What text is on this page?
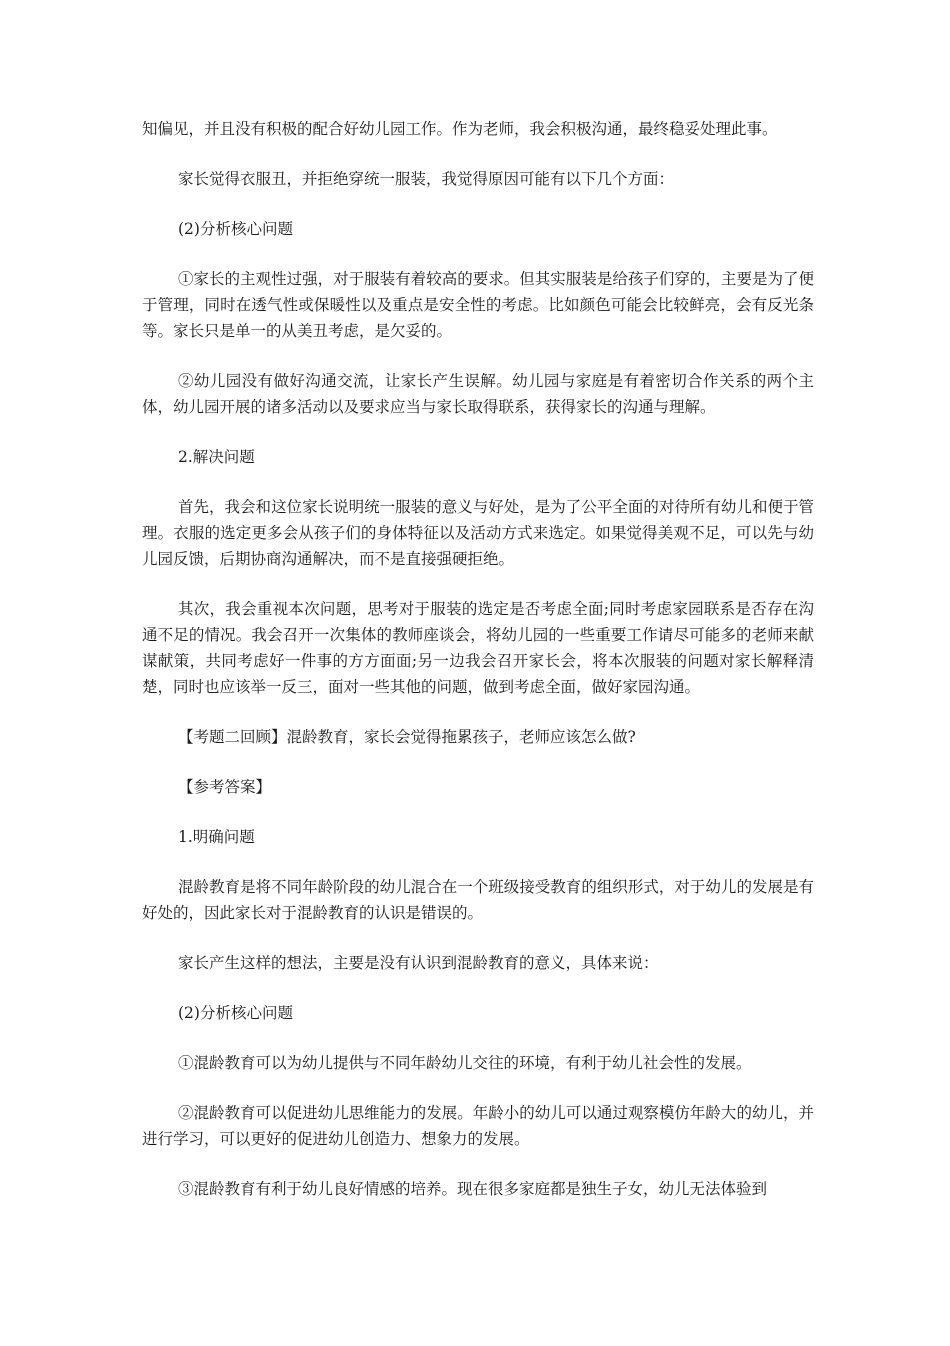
知偏见，并且没有积极的配合好幼儿园工作。作为老师，我会积极沟通，最终稳妥处理此事。

家长觉得衣服丑，并拒绝穿统一服装，我觉得原因可能有以下几个方面：

(2)分析核心问题

①家长的主观性过强，对于服装有着较高的要求。但其实服装是给孩子们穿的，主要是为了便于管理，同时在透气性或保暖性以及重点是安全性的考虑。比如颜色可能会比较鲜亮，会有反光条等。家长只是单一的从美丑考虑，是欠妥的。

②幼儿园没有做好沟通交流，让家长产生误解。幼儿园与家庭是有着密切合作关系的两个主体，幼儿园开展的诸多活动以及要求应当与家长取得联系，获得家长的沟通与理解。

2.解决问题

首先，我会和这位家长说明统一服装的意义与好处，是为了公平全面的对待所有幼儿和便于管理。衣服的选定更多会从孩子们的身体特征以及活动方式来选定。如果觉得美观不足，可以先与幼儿园反馈，后期协商沟通解决，而不是直接强硬拒绝。

其次，我会重视本次问题，思考对于服装的选定是否考虑全面;同时考虑家园联系是否存在沟通不足的情况。我会召开一次集体的教师座谈会，将幼儿园的一些重要工作请尽可能多的老师来献谋献策，共同考虑好一件事的方方面面;另一边我会召开家长会，将本次服装的问题对家长解释清楚，同时也应该举一反三，面对一些其他的问题，做到考虑全面，做好家园沟通。

【考题二回顾】混龄教育，家长会觉得拖累孩子，老师应该怎么做?

【参考答案】

1.明确问题

混龄教育是将不同年龄阶段的幼儿混合在一个班级接受教育的组织形式，对于幼儿的发展是有好处的，因此家长对于混龄教育的认识是错误的。

家长产生这样的想法，主要是没有认识到混龄教育的意义，具体来说：

(2)分析核心问题

①混龄教育可以为幼儿提供与不同年龄幼儿交往的环境，有利于幼儿社会性的发展。

②混龄教育可以促进幼儿思维能力的发展。年龄小的幼儿可以通过观察模仿年龄大的幼儿，并进行学习，可以更好的促进幼儿创造力、想象力的发展。

③混龄教育有利于幼儿良好情感的培养。现在很多家庭都是独生子女，幼儿无法体验到
